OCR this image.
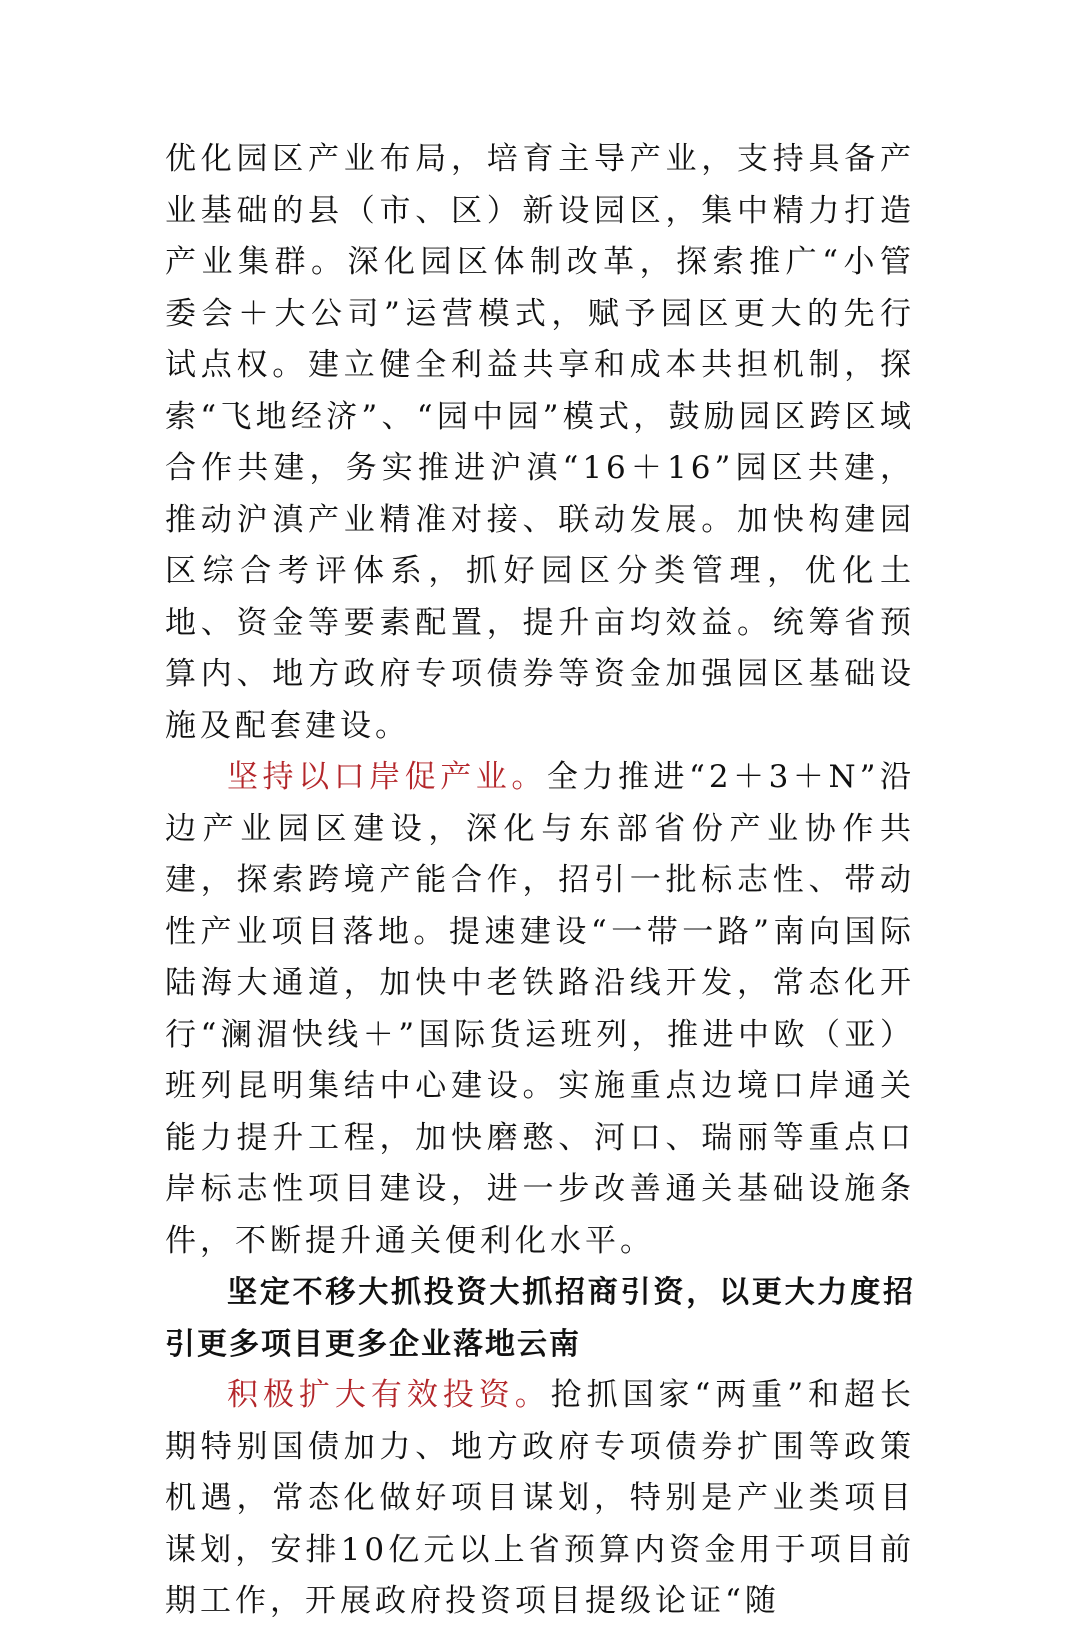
优化园区产业布局，培育主导产业，支持具备产业基础的县（市、区）新设园区，集中精力打造产业集群。深化园区体制改革，探索推广“小管委会＋大公司”运营模式，赋予园区更大的先行试点权。建立健全利益共享和成本共担机制，探索“飞地经济”、“园中园”模式，鼓励园区跨区域合作共建，务实推进沪滇“16＋16”园区共建，推动沪滇产业精准对接、联动发展。加快构建园区综合考评体系，抓好园区分类管理，优化土地、资金等要素配置，提升亩均效益。统筹省预算内、地方政府专项债券等资金加强园区基础设施及配套建设。

坚持以口岸促产业。全力推进“2＋3＋N”沿边产业园区建设，深化与东部省份产业协作共建，探索跨境产能合作，招引一批标志性、带动性产业项目落地。提速建设“一带一路”南向国际陆海大通道，加快中老铁路沿线开发，常态化开行“澜湄快线＋”国际货运班列，推进中欧（亚）班列昆明集结中心建设。实施重点边境口岸通关能力提升工程，加快磨憨、河口、瑞丽等重点口岸标志性项目建设，进一步改善通关基础设施条件，不断提升通关便利化水平。

坚定不移大抓投资大抓招商引资，以更大力度招引更多项目更多企业落地云南

积极扩大有效投资。抢抓国家“两重”和超长期特别国债加力、地方政府专项债券扩围等政策机遇，常态化做好项目谋划，特别是产业类项目谋划，安排10亿元以上省预算内资金用于项目前期工作，开展政府投资项目提级论证“随
